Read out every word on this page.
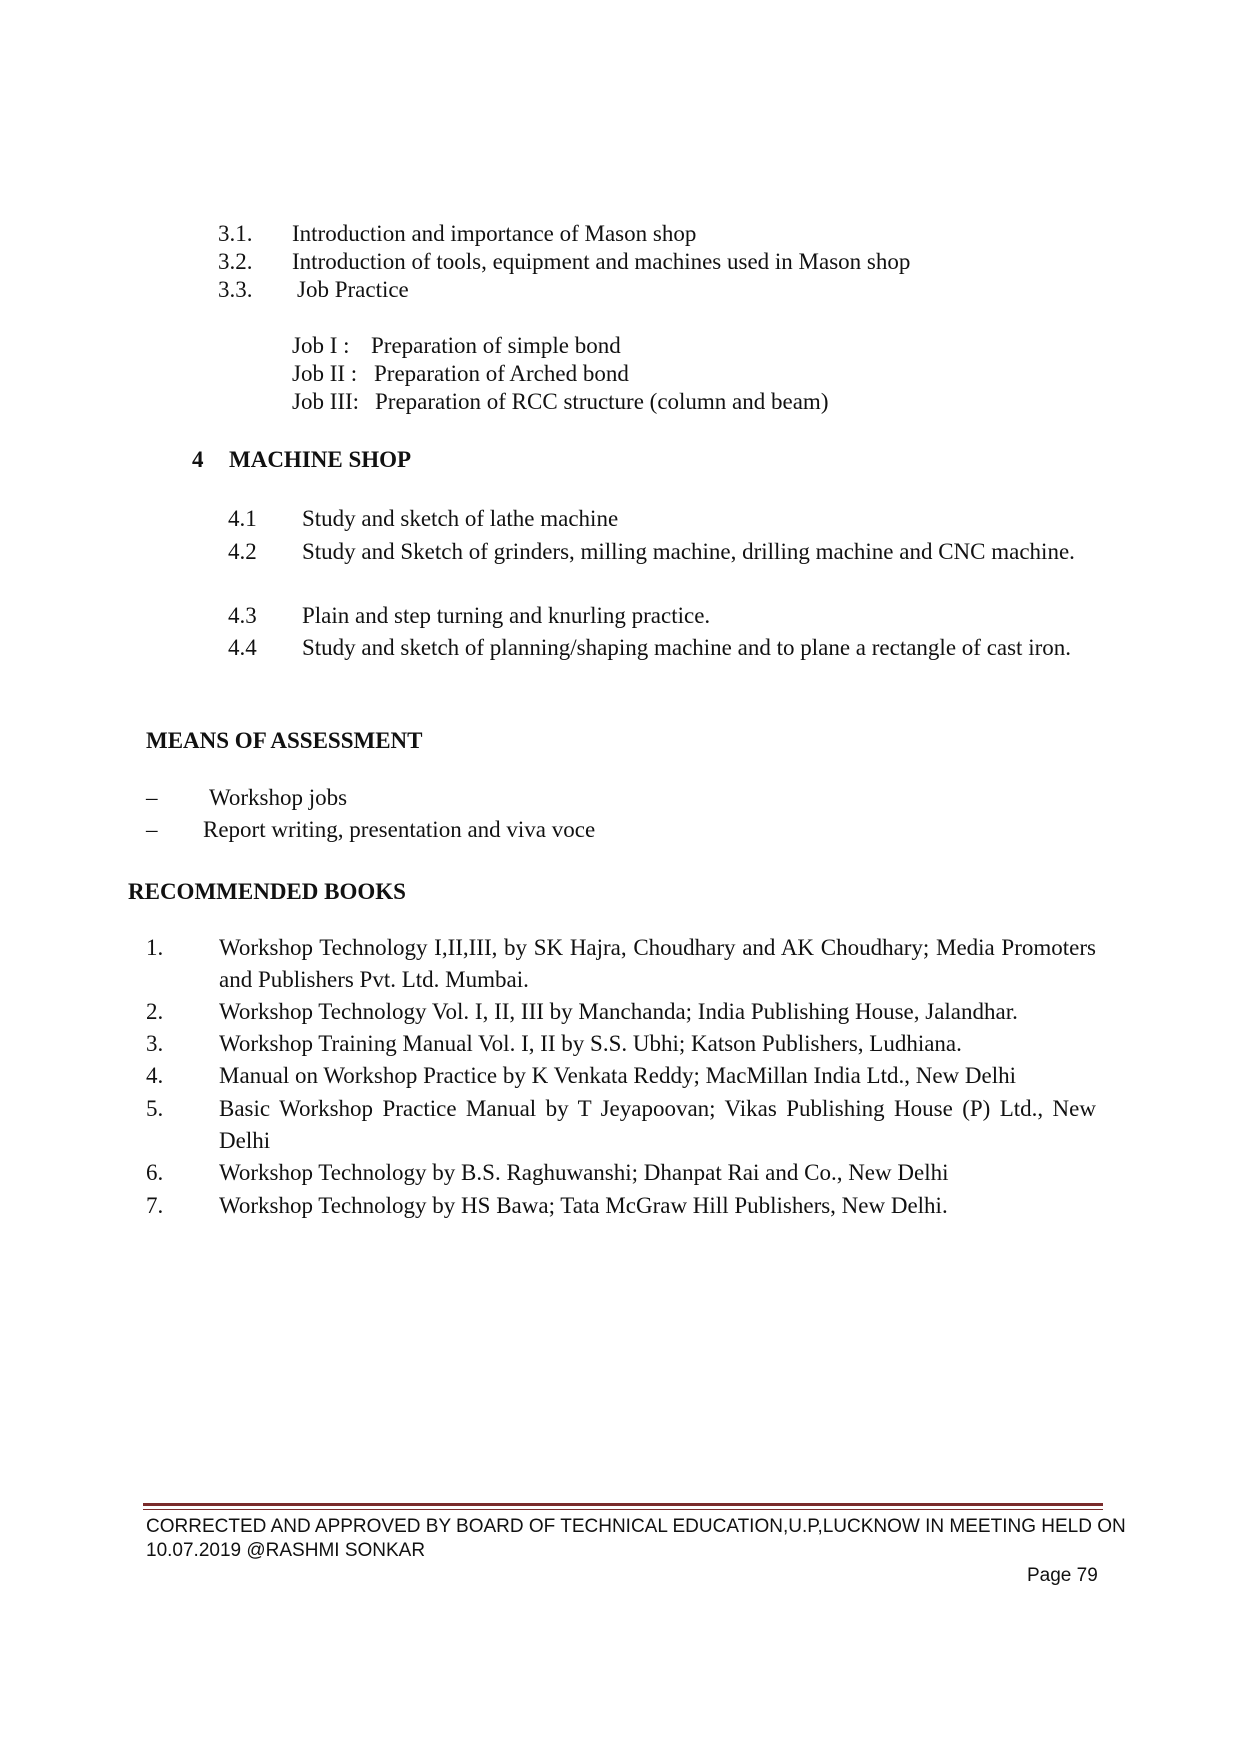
3.1. Introduction and importance of Mason shop
3.2. Introduction of tools, equipment and machines used in Mason shop
3.3. Job Practice
Job I : Preparation of simple bond
Job II : Preparation of Arched bond
Job III: Preparation of RCC structure (column and beam)
4 MACHINE SHOP
4.1 Study and sketch of lathe machine
4.2 Study and Sketch of grinders, milling machine, drilling machine and CNC machine.
4.3 Plain and step turning and knurling practice.
4.4 Study and sketch of planning/shaping machine and to plane a rectangle of cast iron.
MEANS OF ASSESSMENT
– Workshop jobs
– Report writing, presentation and viva voce
RECOMMENDED BOOKS
1. Workshop Technology I,II,III, by SK Hajra, Choudhary and AK Choudhary; Media Promoters and Publishers Pvt. Ltd. Mumbai.
2. Workshop Technology Vol. I, II, III by Manchanda; India Publishing House, Jalandhar.
3. Workshop Training Manual Vol. I, II by S.S. Ubhi; Katson Publishers, Ludhiana.
4. Manual on Workshop Practice by K Venkata Reddy; MacMillan India Ltd., New Delhi
5. Basic Workshop Practice Manual by T Jeyapoovan; Vikas Publishing House (P) Ltd., New Delhi
6. Workshop Technology by B.S. Raghuwanshi; Dhanpat Rai and Co., New Delhi
7. Workshop Technology by HS Bawa; Tata McGraw Hill Publishers, New Delhi.
CORRECTED AND APPROVED BY BOARD OF TECHNICAL EDUCATION,U.P,LUCKNOW IN MEETING HELD ON
10.07.2019 @RASHMI SONKAR
Page 79
